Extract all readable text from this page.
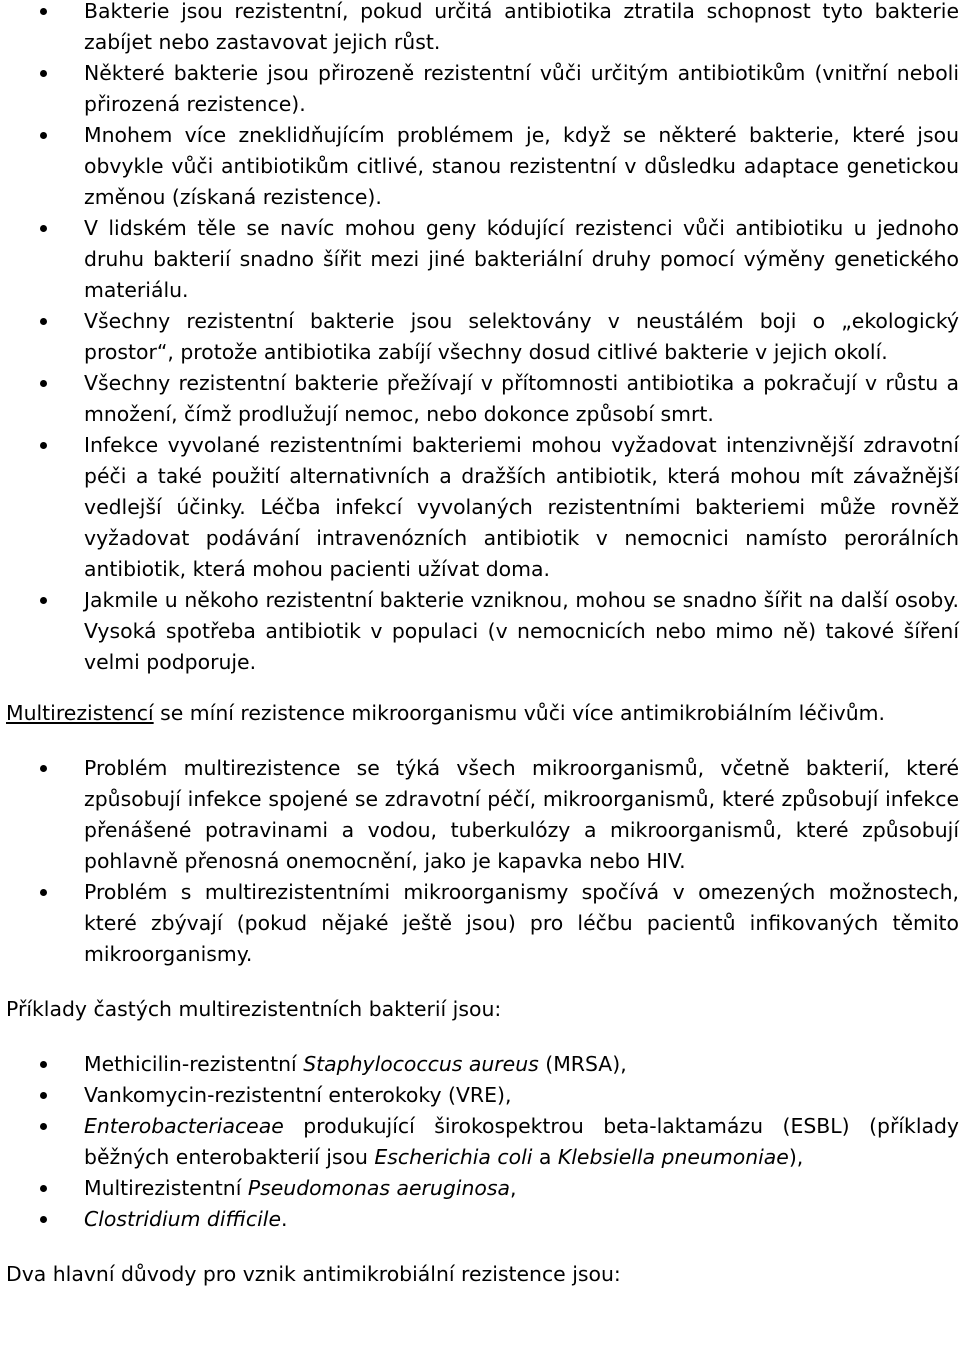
Bakterie jsou rezistentní, pokud určitá antibiotika ztratila schopnost tyto bakterie zabíjet nebo zastavovat jejich růst.
Některé bakterie jsou přirozeně rezistentní vůči určitým antibiotikům (vnitřní neboli přirozená rezistence).
Mnohem více zneklidňujícím problémem je, když se některé bakterie, které jsou obvykle vůči antibiotikům citlivé, stanou rezistentní v důsledku adaptace genetickou změnou (získaná rezistence).
V lidském těle se navíc mohou geny kódující rezistenci vůči antibiotiku u jednoho druhu bakterií snadno šířit mezi jiné bakteriální druhy pomocí výměny genetického materiálu.
Všechny rezistentní bakterie jsou selektovány v neustálém boji o „ekologický prostor“, protože antibiotika zabíjí všechny dosud citlivé bakterie v jejich okolí.
Všechny rezistentní bakterie přežívají v přítomnosti antibiotika a pokračují v růstu a množení, čímž prodlužují nemoc, nebo dokonce způsobí smrt.
Infekce vyvolané rezistentními bakteriemi mohou vyžadovat intenzivnější zdravotní péči a také použití alternativních a dražších antibiotik, která mohou mít závažnější vedlejší účinky. Léčba infekcí vyvolaných rezistentními bakteriemi může rovněž vyžadovat podávání intravenózních antibiotik v nemocnici namísto perorálních antibiotik, která mohou pacienti užívat doma.
Jakmile u někoho rezistentní bakterie vzniknou, mohou se snadno šířit na další osoby. Vysoká spotřeba antibiotik v populaci (v nemocnicích nebo mimo ně) takové šíření velmi podporuje.

Multirezistencí se míní rezistence mikroorganismu vůči více antimikrobiálním léčivům.

Problém multirezistence se týká všech mikroorganismů, včetně bakterií, které způsobují infekce spojené se zdravotní péčí, mikroorganismů, které způsobují infekce přenášené potravinami a vodou, tuberkulózy a mikroorganismů, které způsobují pohlavně přenosná onemocnění, jako je kapavka nebo HIV.
Problém s multirezistentními mikroorganismy spočívá v omezených možnostech, které zbývají (pokud nějaké ještě jsou) pro léčbu pacientů infikovaných těmito mikroorganismy.

Příklady častých multirezistentních bakterií jsou:

Methicilin-rezistentní Staphylococcus aureus (MRSA),
Vankomycin-rezistentní enterokoky (VRE),
Enterobacteriaceae produkující širokospektrou beta-laktamázu (ESBL) (příklady běžných enterobakterií jsou Escherichia coli a Klebsiella pneumoniae),
Multirezistentní Pseudomonas aeruginosa,
Clostridium difficile.

Dva hlavní důvody pro vznik antimikrobiální rezistence jsou:
